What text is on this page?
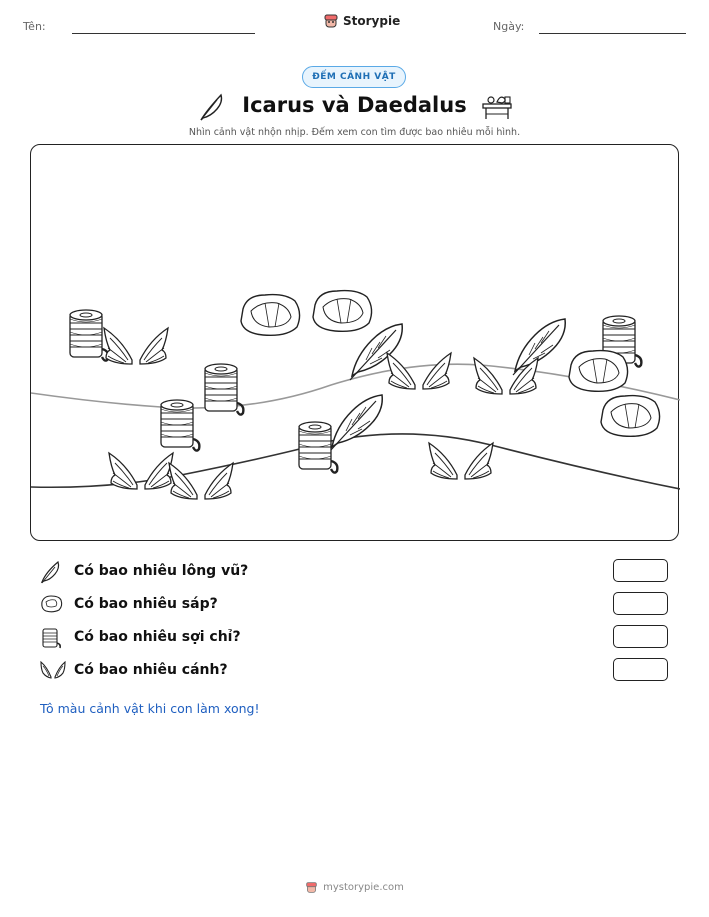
Tên:	Storypie	Ngày:
ĐẾM CẢNH VẬT
Icarus và Daedalus
Nhìn cảnh vật nhộn nhịp. Đếm xem con tìm được bao nhiêu mỗi hình.
Có bao nhiêu lông vũ?
Có bao nhiêu sáp?
Có bao nhiêu sợi chỉ?
Có bao nhiêu cánh?
Tô màu cảnh vật khi con làm xong!
mystorypie.com
